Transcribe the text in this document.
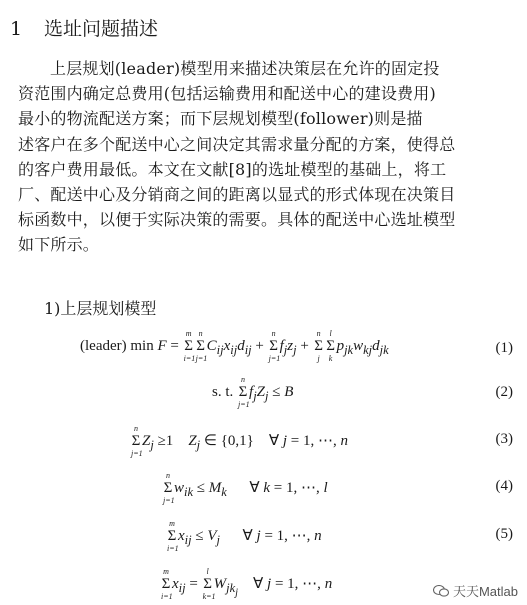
1 选址问题描述
上层规划(leader)模型用来描述决策层在允许的固定投
资范围内确定总费用(包括运输费用和配送中心的建设费用)
最小的物流配送方案；而下层规划模型(follower)则是描
述客户在多个配送中心之间决定其需求量分配的方案，使得总
的客户费用最低。本文在文献[8]的选址模型的基础上，将工
厂、配送中心及分销商之间的距离以显式的形式体现在决策目
标函数中，以便于实际决策的需要。具体的配送中心选址模型
如下所示。
1)上层规划模型
(leader) min F =
m
Σ
i=1
n
Σ
j=1
$C_{ij}x_{ij}d_{ij}$ +
n
Σ
j=1
$f_jz_j$ +
n
Σ
j
l
Σ
k
$p_{jk}w_{kj}d_{jk}$	(1)
s. t.
n
Σ
j=1
$f_jZ_j \le B$	(2)
n
Σ
j=1
$Z_j \ge 1$    $Z_j$ ∈ {0,1}    ∀ j = 1, ⋯, n	(3)
n
Σ
j=1
$w_{ik} \le M_k$      ∀ k = 1, ⋯, l	(4)
m
Σ
i=1
$x_{ij} \le V_j$      ∀ j = 1, ⋯, n	(5)
m
Σ
i=1
$x_{ij}$ =
l
Σ
k=1
$W_{jk_j}$    ∀ j = 1, ⋯, n	天天Matlab
